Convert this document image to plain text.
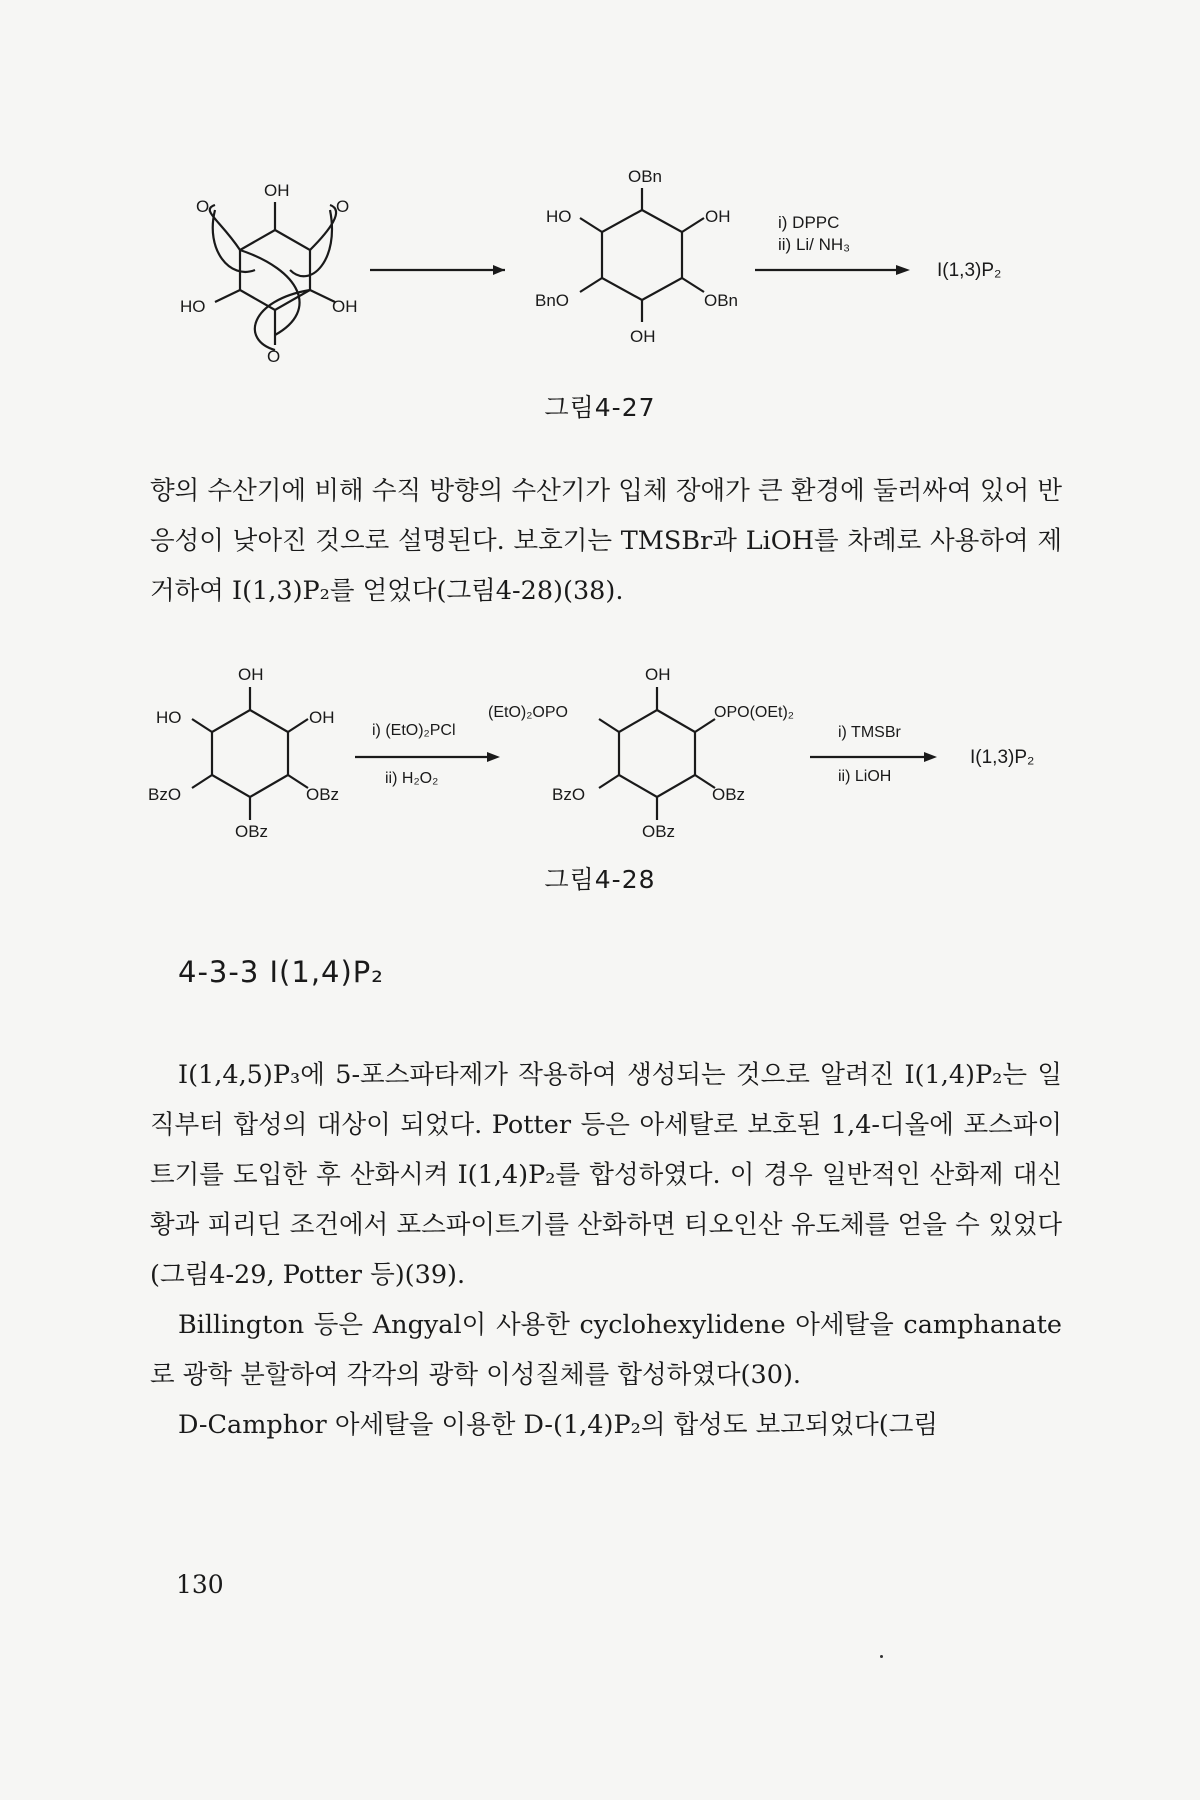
OH
O	O
HO	OH
O
OBn
HO	OH
BnO	OBn
OH
i) DPPC
ii) Li/ NH₃
I(1,3)P₂
그림4-27

향의 수산기에 비해 수직 방향의 수산기가 입체 장애가 큰 환경에 둘러싸여 있어 반응성이 낮아진 것으로 설명된다. 보호기는 TMSBr과 LiOH를 차례로 사용하여 제거하여 I(1,3)P₂를 얻었다(그림4-28)(38).

OH
HO	OH
BzO	OBz
OBz
i) (EtO)₂PCl
ii) H₂O₂
OH
(EtO)₂OPO	OPO(OEt)₂
BzO	OBz
OBz
i) TMSBr
ii) LiOH
I(1,3)P₂
그림4-28
4-3-3 I(1,4)P₂

I(1,4,5)P₃에 5-포스파타제가 작용하여 생성되는 것으로 알려진 I(1,4)P₂는 일직부터 합성의 대상이 되었다. Potter 등은 아세탈로 보호된 1,4-디올에 포스파이트기를 도입한 후 산화시켜 I(1,4)P₂를 합성하였다. 이 경우 일반적인 산화제 대신 황과 피리딘 조건에서 포스파이트기를 산화하면 티오인산 유도체를 얻을 수 있었다(그림4-29, Potter 등)(39).

Billington 등은 Angyal이 사용한 cyclohexylidene 아세탈을 camphanate로 광학 분할하여 각각의 광학 이성질체를 합성하였다(30).

D-Camphor 아세탈을 이용한 D-(1,4)P₂의 합성도 보고되었다(그림

130
